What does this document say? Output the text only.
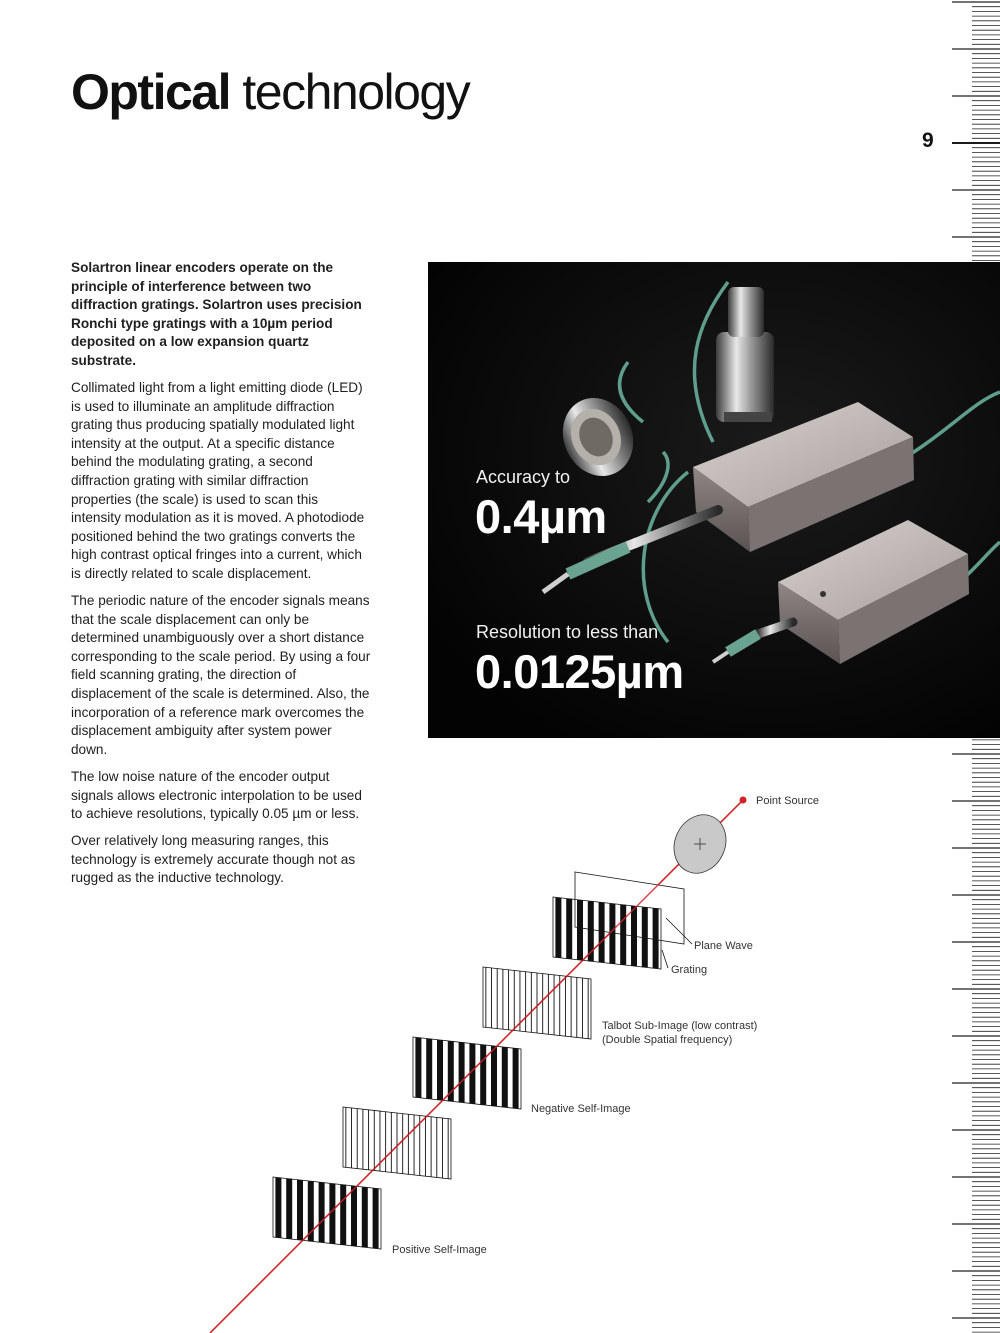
Optical technology
9

Solartron linear encoders operate on the principle of interference between two diffraction gratings. Solartron uses precision Ronchi type gratings with a 10µm period deposited on a low expansion quartz substrate.

Collimated light from a light emitting diode (LED) is used to illuminate an amplitude diffraction grating thus producing spatially modulated light intensity at the output. At a specific distance behind the modulating grating, a second diffraction grating with similar diffraction properties (the scale) is used to scan this intensity modulation as it is moved. A photodiode positioned behind the two gratings converts the high contrast optical fringes into a current, which is directly related to scale displacement.

The periodic nature of the encoder signals means that the scale displacement can only be determined unambiguously over a short distance corresponding to the scale period. By using a four field scanning grating, the direction of displacement of the scale is determined. Also, the incorporation of a reference mark overcomes the displacement ambiguity after system power down.

The low noise nature of the encoder output signals allows electronic interpolation to be used to achieve resolutions, typically 0.05 µm or less.

Over relatively long measuring ranges, this technology is extremely accurate though not as rugged as the inductive technology.

Accuracy to
0.4µm
Resolution to less than
0.0125µm
Point Source
Plane Wave
Grating
Talbot Sub-Image (low contrast)
(Double Spatial frequency)
Negative Self-Image
Positive Self-Image
